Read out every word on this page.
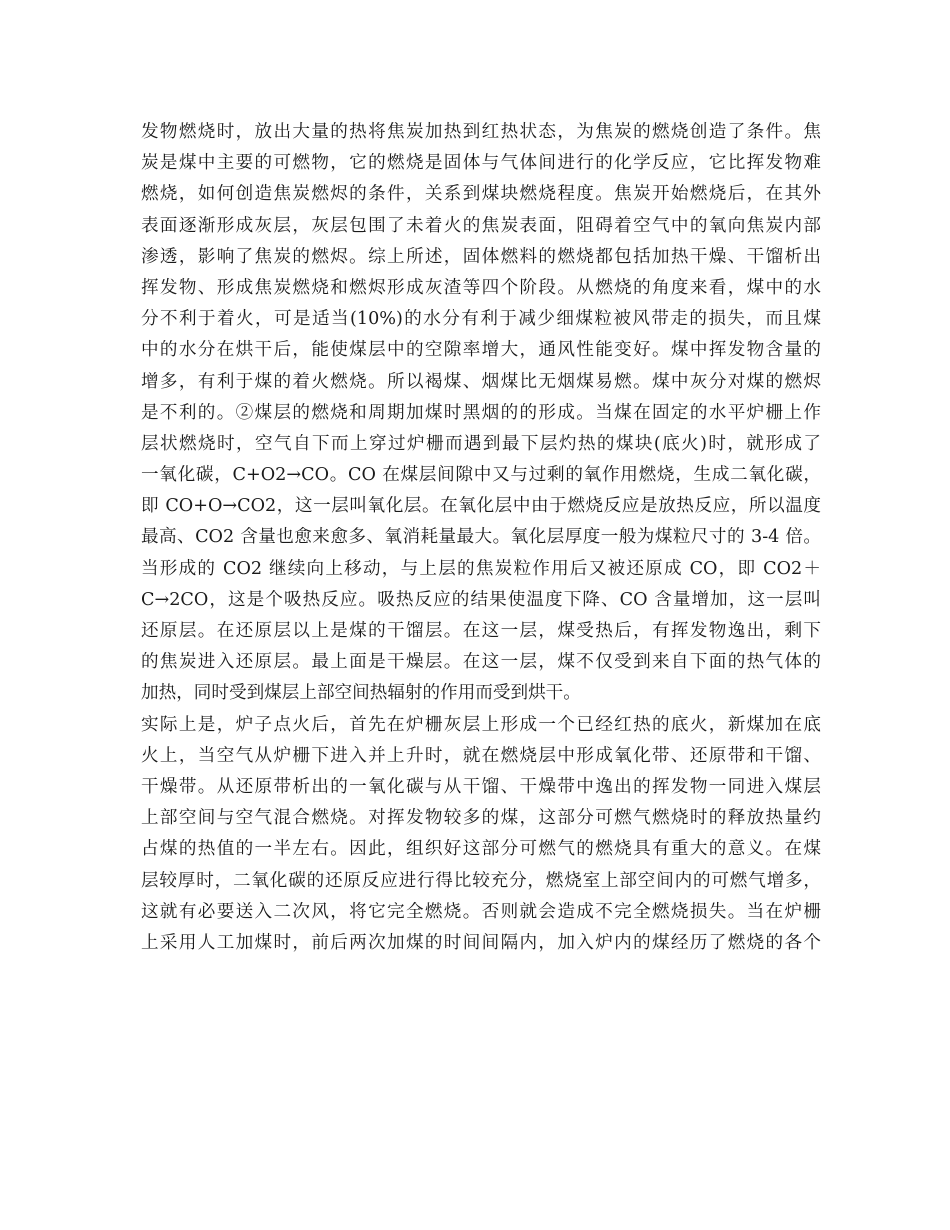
发物燃烧时，放出大量的热将焦炭加热到红热状态，为焦炭的燃烧创造了条件。焦
炭是煤中主要的可燃物，它的燃烧是固体与气体间进行的化学反应，它比挥发物难
燃烧，如何创造焦炭燃烬的条件，关系到煤块燃烧程度。焦炭开始燃烧后，在其外
表面逐渐形成灰层，灰层包围了未着火的焦炭表面，阻碍着空气中的氧向焦炭内部
渗透，影响了焦炭的燃烬。综上所述，固体燃料的燃烧都包括加热干燥、干馏析出
挥发物、形成焦炭燃烧和燃烬形成灰渣等四个阶段。从燃烧的角度来看，煤中的水
分不利于着火，可是适当(10%)的水分有利于减少细煤粒被风带走的损失，而且煤
中的水分在烘干后，能使煤层中的空隙率增大，通风性能变好。煤中挥发物含量的
增多，有利于煤的着火燃烧。所以褐煤、烟煤比无烟煤易燃。煤中灰分对煤的燃烬
是不利的。②煤层的燃烧和周期加煤时黑烟的的形成。当煤在固定的水平炉栅上作
层状燃烧时，空气自下而上穿过炉栅而遇到最下层灼热的煤块(底火)时，就形成了
一氧化碳，C+O2→CO。CO 在煤层间隙中又与过剩的氧作用燃烧，生成二氧化碳，
即 CO+O→CO2，这一层叫氧化层。在氧化层中由于燃烧反应是放热反应，所以温度
最高、CO2 含量也愈来愈多、氧消耗量最大。氧化层厚度一般为煤粒尺寸的 3-4 倍。
当形成的 CO2 继续向上移动，与上层的焦炭粒作用后又被还原成 CO，即 CO2＋
C→2CO，这是个吸热反应。吸热反应的结果使温度下降、CO 含量增加，这一层叫
还原层。在还原层以上是煤的干馏层。在这一层，煤受热后，有挥发物逸出，剩下
的焦炭进入还原层。最上面是干燥层。在这一层，煤不仅受到来自下面的热气体的
加热，同时受到煤层上部空间热辐射的作用而受到烘干。
实际上是，炉子点火后，首先在炉栅灰层上形成一个已经红热的底火，新煤加在底
火上，当空气从炉栅下进入并上升时，就在燃烧层中形成氧化带、还原带和干馏、
干燥带。从还原带析出的一氧化碳与从干馏、干燥带中逸出的挥发物一同进入煤层
上部空间与空气混合燃烧。对挥发物较多的煤，这部分可燃气燃烧时的释放热量约
占煤的热值的一半左右。因此，组织好这部分可燃气的燃烧具有重大的意义。在煤
层较厚时，二氧化碳的还原反应进行得比较充分，燃烧室上部空间内的可燃气增多，
这就有必要送入二次风，将它完全燃烧。否则就会造成不完全燃烧损失。当在炉栅
上采用人工加煤时，前后两次加煤的时间间隔内，加入炉内的煤经历了燃烧的各个
